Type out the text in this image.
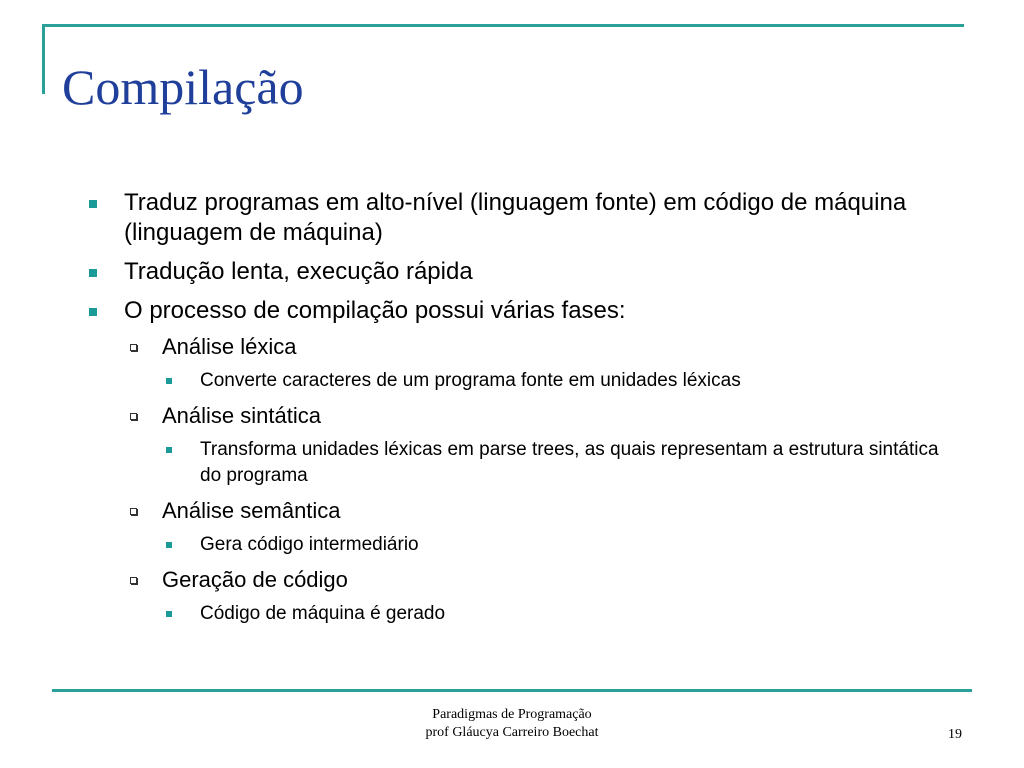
Compilação
Traduz programas em alto-nível (linguagem fonte) em código de máquina (linguagem de máquina)
Tradução lenta, execução rápida
O processo de compilação possui várias fases:
Análise léxica
Converte caracteres de um programa fonte em unidades léxicas
Análise sintática
Transforma unidades léxicas em parse trees, as quais representam a estrutura sintática do programa
Análise semântica
Gera código intermediário
Geração de código
Código de máquina é gerado
Paradigmas de Programação
prof Gláucya Carreiro Boechat	19
